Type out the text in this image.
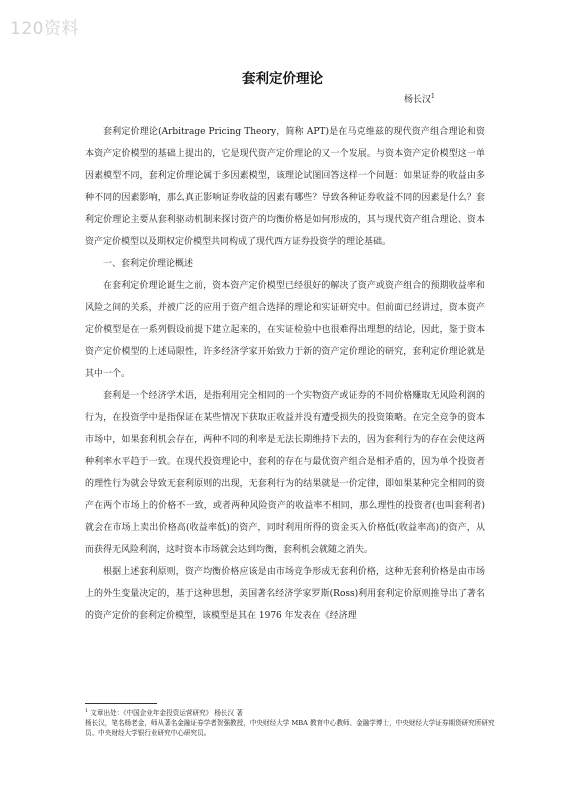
120资料
套利定价理论
杨长汉$^1$

套利定价理论(Arbitrage Pricing Theory，简称 APT)是在马克维兹的现代资产组合理论和资本资产定价模型的基础上提出的，它是现代资产定价理论的又一个发展。与资本资产定价模型这一单因素模型不同，套利定价理论属于多因素模型，该理论试图回答这样一个问题：如果证券的收益由多种不同的因素影响，那么真正影响证券收益的因素有哪些？导致各种证券收益不同的因素是什么？套利定价理论主要从套利驱动机制来探讨资产的均衡价格是如何形成的，其与现代资产组合理论、资本资产定价模型以及期权定价模型共同构成了现代西方证券投资学的理论基础。

一、套利定价理论概述

在套利定价理论诞生之前，资本资产定价模型已经很好的解决了资产或资产组合的预期收益率和风险之间的关系，并被广泛的应用于资产组合选择的理论和实证研究中。但前面已经讲过，资本资产定价模型是在一系列假设前提下建立起来的，在实证检验中也很难得出理想的结论，因此，鉴于资本资产定价模型的上述局限性，许多经济学家开始致力于新的资产定价理论的研究，套利定价理论就是其中一个。

套利是一个经济学术语，是指利用完全相同的一个实物资产或证券的不同价格赚取无风险利润的行为，在投资学中是指保证在某些情况下获取正收益并没有遭受损失的投资策略。在完全竞争的资本市场中，如果套利机会存在，两种不同的利率是无法长期维持下去的，因为套利行为的存在会使这两种利率水平趋于一致。在现代投资理论中，套利的存在与最优资产组合是相矛盾的，因为单个投资者的理性行为就会导致无套利原则的出现，无套利行为的结果就是一价定律，即如果某种完全相同的资产在两个市场上的价格不一致，或者两种风险资产的收益率不相同，那么理性的投资者(也叫套利者)就会在市场上卖出价格高(收益率低)的资产，同时利用所得的资金买入价格低(收益率高)的资产，从而获得无风险利润，这时资本市场就会达到均衡，套利机会就随之消失。

根据上述套利原则，资产均衡价格应该是由市场竞争形成无套利价格，这种无套利价格是由市场上的外生变量决定的，基于这种思想，美国著名经济学家罗斯(Ross)利用套利定价原则推导出了著名的资产定价的套利定价模型，该模型是其在 1976 年发表在《经济理

$^1$ 文章出处：《中国企业年金投资运营研究》 杨长汉 著

杨长汉，笔名杨老金，师从著名金融证券学者贺强教授，中央财经大学 MBA 教育中心教师、金融学博士，中央财经大学证券期货研究所研究员、中央财经大学银行业研究中心研究员。
